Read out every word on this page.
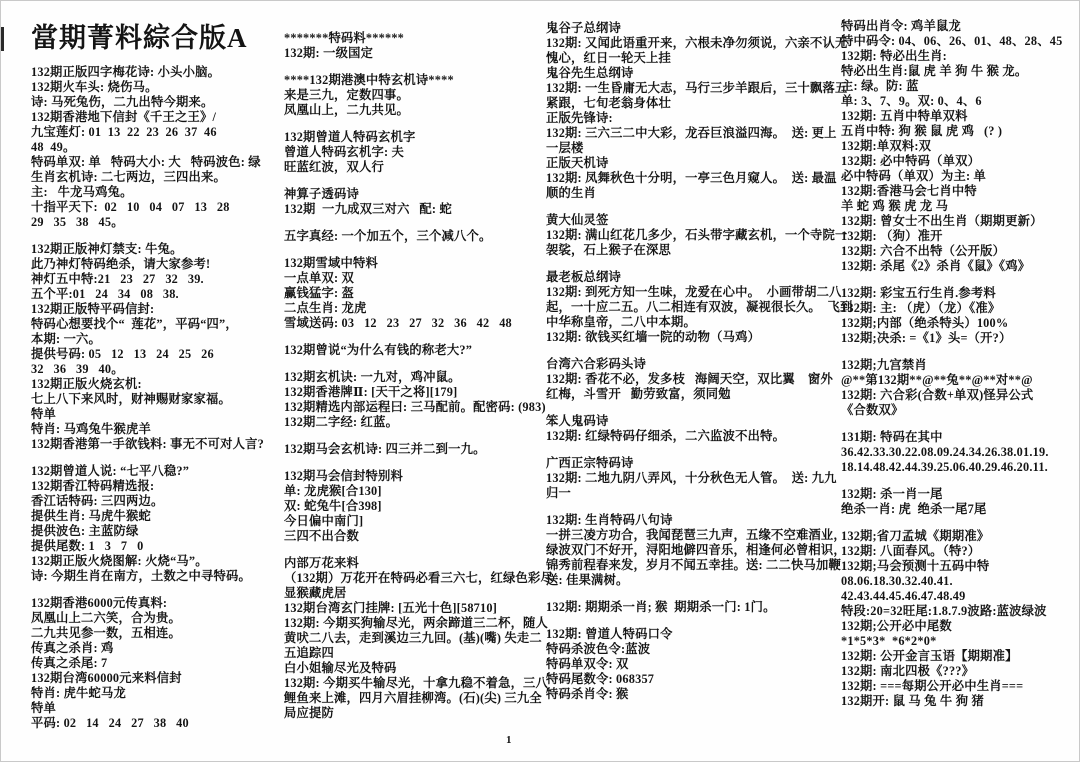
當期菁料綜合版A
132期正版四字梅花诗: 小头小脑。
132期火车头: 烧伤马。
诗: 马死兔伤，二九出特今期来。
132期香港地下信封《千王之王》/
九宝莲灯: 01  13  22  23  26  37  46
48  49。
特码单双: 单   特码大小: 大   特码波色: 绿
生肖玄机诗: 二七两边，三四出来。
主:   牛龙马鸡兔。
十指平天下:  02   10   04   07   13   28
29   35   38   45。
132期正版神灯禁支: 牛兔。
此乃神灯特码绝杀，请大家参考!
神灯五中特:21   23   27   32   39.
五个平:01   24   34   08   38.
132期正版特平码信封:
特码心想要找个“  莲花”，平码“四”，
本期: 一六。
提供号码: 05   12   13   24   25   26
32   36   39   40。
132期正版火烧玄机:
七上八下来风时，财神赐财家家福。
特单
特肖: 马鸡兔牛猴虎羊
132期香港第一手欲钱料: 事无不可对人言?
132期曾道人说: “七平八稳?”
132期香江特码精选报:
香江话特码: 三四两边。
提供生肖: 马虎牛猴蛇
提供波色: 主蓝防绿
提供尾数: 1   3   7   0
132期正版火烧图解: 火烧“马”。
诗: 今期生肖在南方，土数之中寻特码。
132期香港6000元传真料:
凤凰山上二六笑，合为贵。
二九共见参一数，五相连。
传真之杀肖: 鸡
传真之杀尾: 7
132期台湾60000元来料信封
特肖: 虎牛蛇马龙
特单
平码: 02   14   24   27   38   40
*******特码料******
132期: 一级国定
****132期港澳中特玄机诗****
来是三九，定数四事。
凤凰山上，二九共见。
132期曾道人特码玄机字
曾道人特码玄机字: 夫
旺蓝红波，双人行
神算子透码诗
132期  一九成双三对六   配: 蛇
五字真经: 一个加五个，三个减八个。
132期雪域中特料
一点单双: 双
赢钱猛字: 盔
二点生肖: 龙虎
雪域送码: 03   12   23   27   32   36   42   48
132期曾说“为什么有钱的称老大?”
132期玄机诀: 一九对，鸡冲鼠。
132期香港牌Ⅱ: [天干之将][179]
132期精选内部运程曰: 三马配前。配密码: (983)
132期二字经: 红蓝。
132期马会玄机诗: 四三并二到一九。
132期马会信封特别料
单: 龙虎猴[合130]
双: 蛇兔牛[合398]
今日偏中南门]
三四不出合数
内部万花来料
（132期）万花开在特码必看三六七，红绿色彩尽
显猴藏虎居
132期台湾玄门挂牌: [五光十色][58710]
132期: 今期买狗输尽光，两余蹄道三二杯，随人
黄吠二八去，走到溪边三九回。(基)(嘴) 失走二
五追踪四
白小姐输尽光及特码
132期: 今期买牛输尽光，十拿九稳不着急，三八
鲤鱼来上滩，四月六眉挂柳湾。(石)(尖) 三九全
局应提防
鬼谷子总纲诗
132期: 又闻此语重开来，六根未净勿须说，六亲不认无
愧心，红日一轮天上挂
鬼谷先生总纲诗
132期: 一生昏庸无大志，马行三步羊跟后，三十飘落五
紧跟，七旬老翁身体壮
正版先锋诗:
132期: 三六三二中大彩，龙吞巨浪溢四海。  送: 更上
一层楼
正版天机诗
132期: 凤舞秋色十分明，一亭三色月窥人。  送: 最温
顺的生肖
黄大仙灵签
132期: 满山红花几多少，石头带字藏玄机，一个寺院一
袈裟，石上猴子在深思
最老板总纲诗
132期: 到死方知一生味，龙爱在心中。  小画带胡二八
起，一十应二五。八二相连有双波，凝视很长久。  飞到
中华称皇帝，二八中本期。
132期: 欲钱买红墙一院的动物（马鸡）
台湾六合彩码头诗
132期: 香花不必，发多枝   海阔天空，双比翼    窗外
红梅，斗雪开   勤劳致富，须同勉
笨人鬼码诗
132期: 红绿特码仔细杀，二六监波不出特。
广西正宗特码诗
132期: 二地九阴八弄风，十分秋色无人管。  送: 九九
归一
132期: 生肖特码八句诗
一拼三凌方功合，我闻琵琶三九声，五缘不空难酒业，
绿波双门不好开，浔阳地僻四音乐，相逢何必曾相识，
锦秀前程春来发，岁月不闻五幸挂。送: 二二快马加鞭
送: 佳果满树。
132期: 期期杀一肖; 猴  期期杀一门: 1门。
132期: 曾道人特码口令
特码杀波色令:蓝波
特码单双令: 双
特码尾数令: 068357
特码杀肖令: 猴
特码出肖令: 鸡羊鼠龙
特中码令: 04、06、26、01、48、28、45
132期: 特必出生肖:
特必出生肖:鼠 虎 羊 狗 牛 猴 龙。
主: 绿。防: 蓝
单: 3、7、9。双: 0、4、6
132期: 五肖中特单双料
五肖中特: 狗 猴 鼠 虎 鸡   (? )
132期:单双料:双
132期: 必中特码（单双）
必中特码（单双）为主: 单
132期:香港马会七肖中特
羊 蛇 鸡 猴 虎 龙 马
132期: 曾女士不出生肖（期期更新）
132期: （狗）准开
132期: 六合不出特（公开版）
132期: 杀尾《2》杀肖《鼠》《鸡》
132期: 彩宝五行生肖.参考料
132期: 主: （虎）（龙）《准》
132期;内部（绝杀特头）100%
132期;决杀: =《1》头=（开?）
132期;九宫禁肖
@**第132期**@**兔**@**对**@
132期: 六合彩(合数+单双)怪异公式
《合数双》
131期: 特码在其中
36.42.33.30.22.08.09.24.34.26.38.01.19.
18.14.48.42.44.39.25.06.40.29.46.20.11.
132期: 杀一肖一尾
绝杀一肖: 虎  绝杀一尾7尾
132期;省刀孟城《期期准》
132期: 八面春风。（特?）
132期;马会预测十五码中特
08.06.18.30.32.40.41.
42.43.44.45.46.47.48.49
特段:20=32旺尾:1.8.7.9波路:蓝波绿波
132期;公开必中尾数
*1*5*3*  *6*2*0*
132期: 公开金言玉语【期期准】
132期: 南北四极《???》
132期: ===每期公开必中生肖===
132期开: 鼠 马 兔 牛 狗 猪
1
